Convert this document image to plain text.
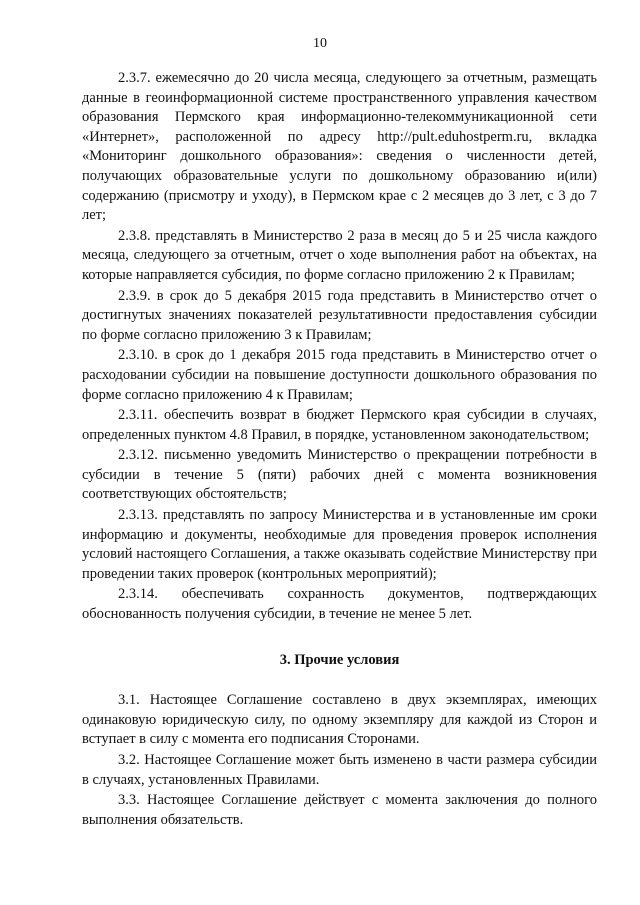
10

2.3.7. ежемесячно до 20 числа месяца, следующего за отчетным, размещать данные в геоинформационной системе пространственного управления качеством образования Пермского края информационно-телекоммуникационной сети «Интернет», расположенной по адресу http://pult.eduhostperm.ru, вкладка «Мониторинг дошкольного образования»: сведения о численности детей, получающих образовательные услуги по дошкольному образованию и(или) содержанию (присмотру и уходу), в Пермском крае с 2 месяцев до 3 лет, с 3 до 7 лет;

2.3.8. представлять в Министерство 2 раза в месяц до 5 и 25 числа каждого месяца, следующего за отчетным, отчет о ходе выполнения работ на объектах, на которые направляется субсидия, по форме согласно приложению 2 к Правилам;

2.3.9. в срок до 5 декабря 2015 года представить в Министерство отчет о достигнутых значениях показателей результативности предоставления субсидии по форме согласно приложению 3 к Правилам;

2.3.10. в срок до 1 декабря 2015 года представить в Министерство отчет о расходовании субсидии на повышение доступности дошкольного образования по форме согласно приложению 4 к Правилам;

2.3.11. обеспечить возврат в бюджет Пермского края субсидии в случаях, определенных пунктом 4.8 Правил, в порядке, установленном законодательством;

2.3.12. письменно уведомить Министерство о прекращении потребности в субсидии в течение 5 (пяти) рабочих дней с момента возникновения соответствующих обстоятельств;

2.3.13. представлять по запросу Министерства и в установленные им сроки информацию и документы, необходимые для проведения проверок исполнения условий настоящего Соглашения, а также оказывать содействие Министерству при проведении таких проверок (контрольных мероприятий);

2.3.14. обеспечивать сохранность документов, подтверждающих обоснованность получения субсидии, в течение не менее 5 лет.

3. Прочие условия

3.1. Настоящее Соглашение составлено в двух экземплярах, имеющих одинаковую юридическую силу, по одному экземпляру для каждой из Сторон и вступает в силу с момента его подписания Сторонами.

3.2. Настоящее Соглашение может быть изменено в части размера субсидии в случаях, установленных Правилами.

3.3. Настоящее Соглашение действует с момента заключения до полного выполнения обязательств.
